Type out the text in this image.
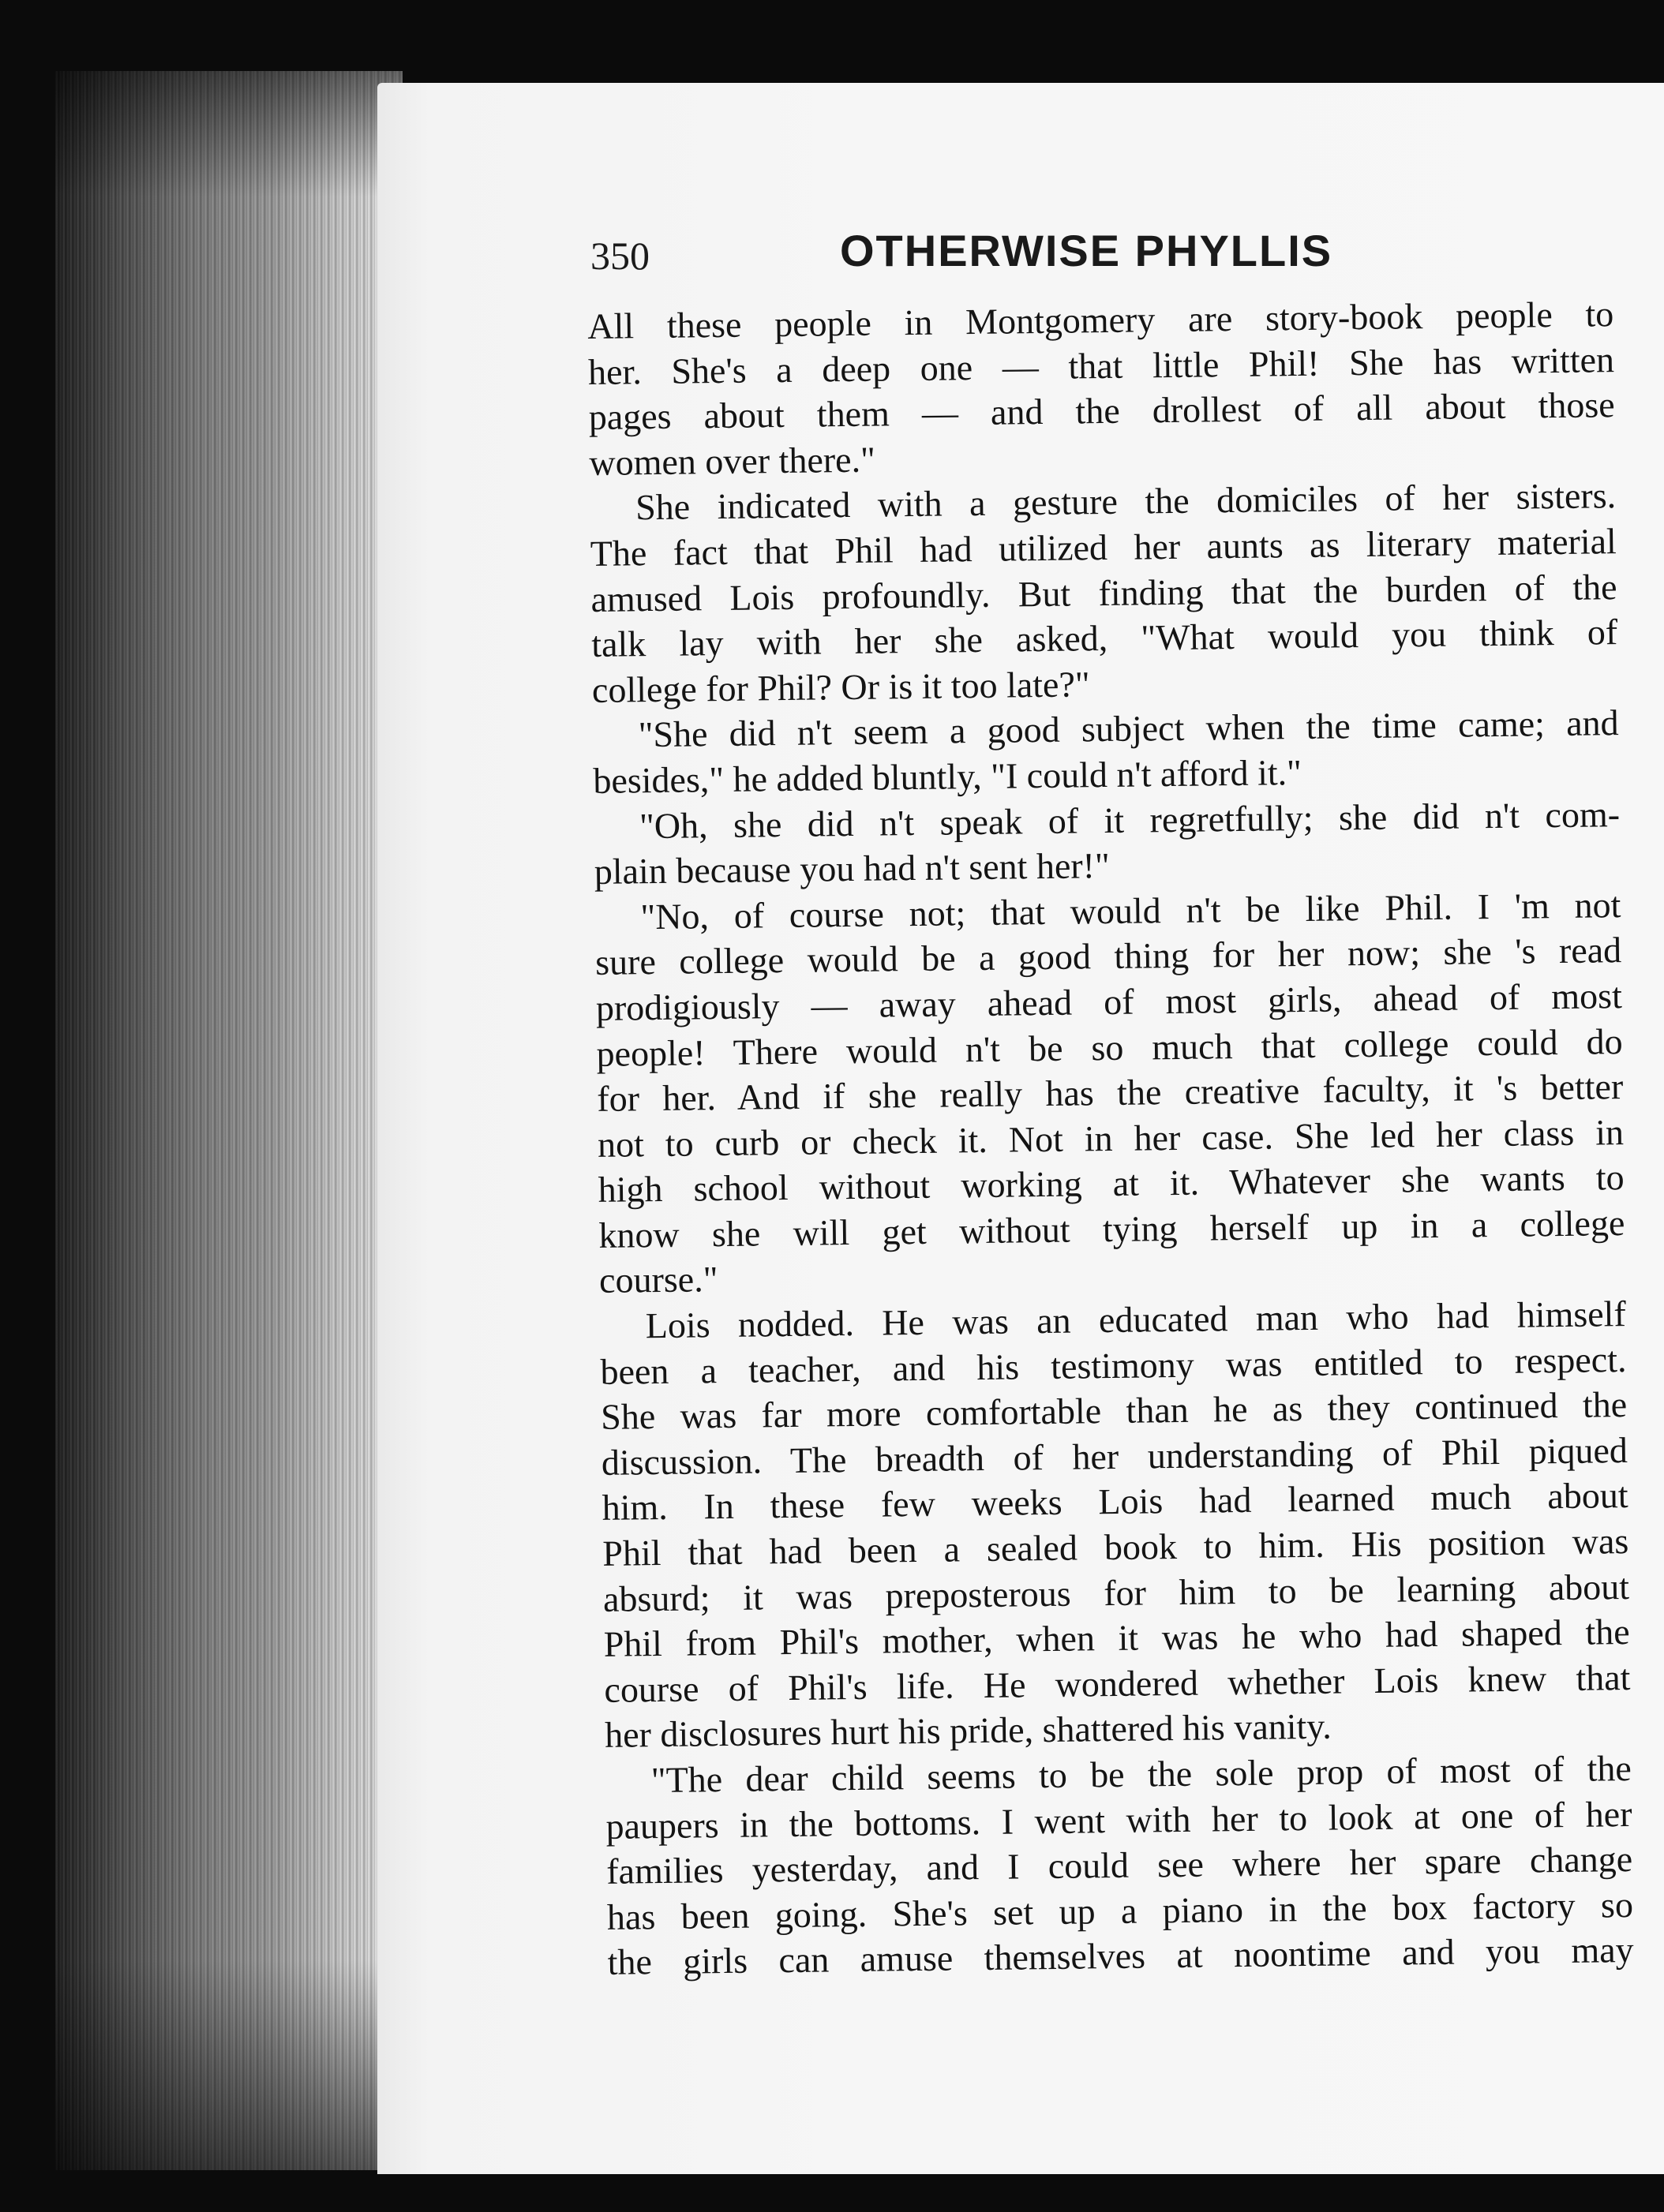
350	OTHERWISE PHYLLIS
All these people in Montgomery are story-book people to
her. She's a deep one — that little Phil! She has written
pages about them — and the drollest of all about those
women over there."
She indicated with a gesture the domiciles of her sisters.
The fact that Phil had utilized her aunts as literary material
amused Lois profoundly. But finding that the burden of the
talk lay with her she asked, "What would you think of
college for Phil? Or is it too late?"
"She did n't seem a good subject when the time came; and
besides," he added bluntly, "I could n't afford it."
"Oh, she did n't speak of it regretfully; she did n't com-
plain because you had n't sent her!"
"No, of course not; that would n't be like Phil. I 'm not
sure college would be a good thing for her now; she 's read
prodigiously — away ahead of most girls, ahead of most
people! There would n't be so much that college could do
for her. And if she really has the creative faculty, it 's better
not to curb or check it. Not in her case. She led her class in
high school without working at it. Whatever she wants to
know she will get without tying herself up in a college
course."
Lois nodded. He was an educated man who had himself
been a teacher, and his testimony was entitled to respect.
She was far more comfortable than he as they continued the
discussion. The breadth of her understanding of Phil piqued
him. In these few weeks Lois had learned much about
Phil that had been a sealed book to him. His position was
absurd; it was preposterous for him to be learning about
Phil from Phil's mother, when it was he who had shaped the
course of Phil's life. He wondered whether Lois knew that
her disclosures hurt his pride, shattered his vanity.
"The dear child seems to be the sole prop of most of the
paupers in the bottoms. I went with her to look at one of her
families yesterday, and I could see where her spare change
has been going. She's set up a piano in the box factory so
the girls can amuse themselves at noontime and you may
